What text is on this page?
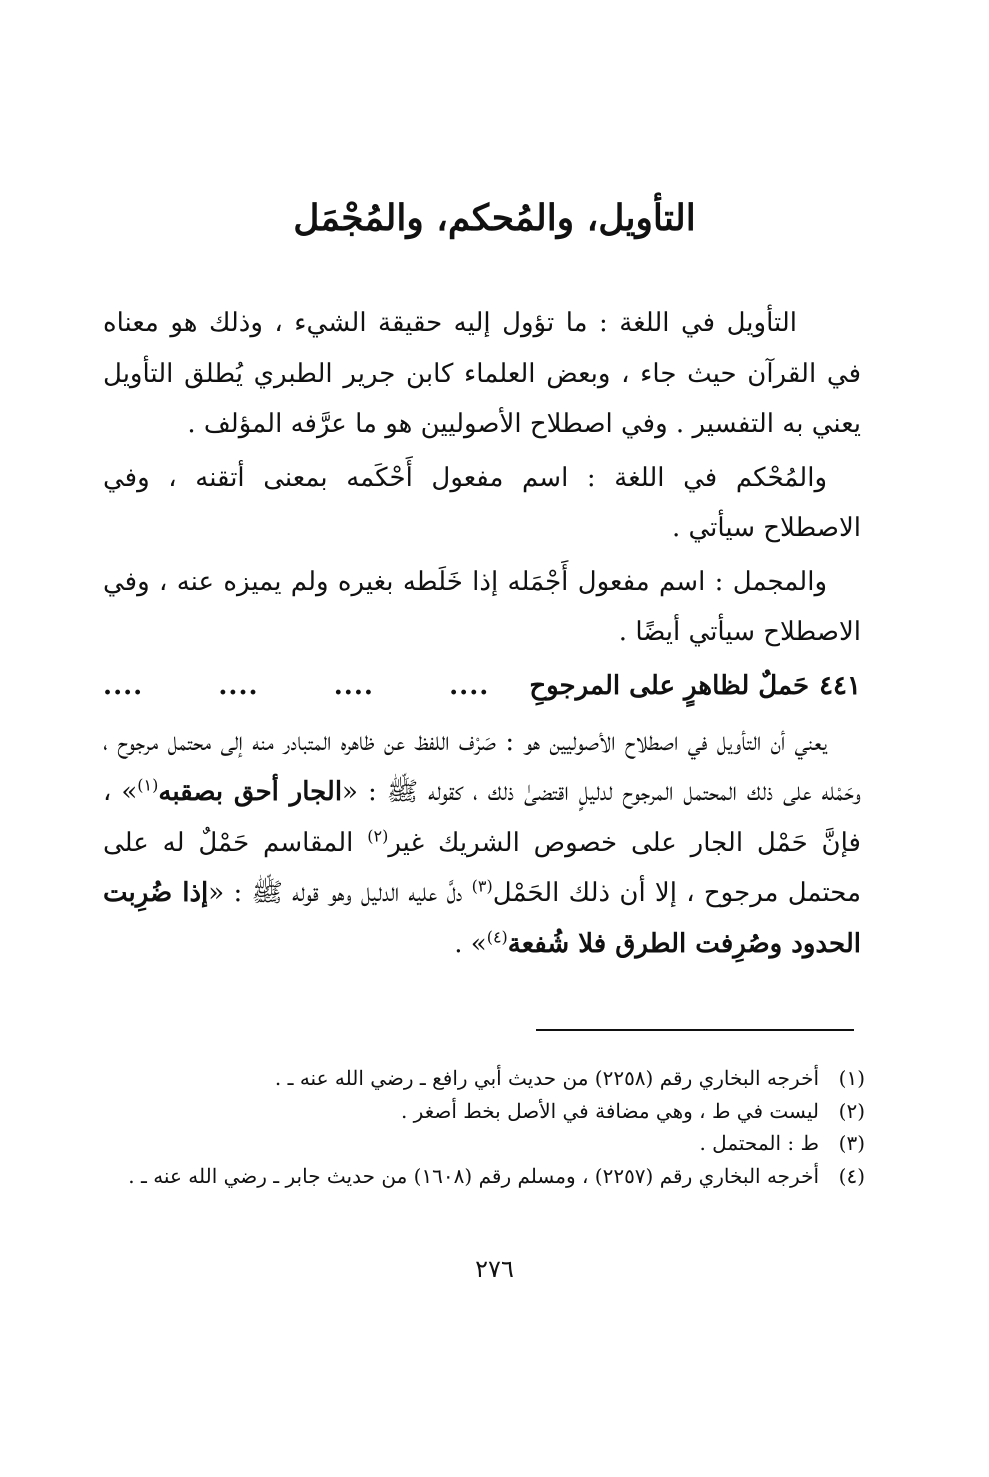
التأويل، والمُحكم، والمُجْمَل

التأويل في اللغة : ما تؤول إليه حقيقة الشيء ، وذلك هو معناه في القرآن حيث جاء ، وبعض العلماء كابن جرير الطبري يُطلق التأويل يعني به التفسير . وفي اصطلاح الأصوليين هو ما عرَّفه المؤلف .

والمُحْكم في اللغة : اسم مفعول أَحْكَمه بمعنى أتقنه ، وفي الاصطلاح سيأتي .

والمجمل : اسم مفعول أَجْمَله إذا خَلَطه بغيره ولم يميزه عنه ، وفي الاصطلاح سيأتي أيضًا .

٤٤١
حَملٌ لظاهرٍ على المرجوحِ
....
....
....
....

يعني أن التأويل في اصطلاح الأصوليين هو : صَرْف اللفظ عن ظاهره المتبادر منه إلى محتمل مرجوح ، وحَمْله على ذلك المحتمل المرجوح لدليلٍ اقتضىٰ ذلك ، كقوله ﷺ : «الجار أحق بصقبه$^{(١)}$» ، فإنَّ حَمْل الجار على خصوص الشريك غير$^{(٢)}$ المقاسم حَمْلٌ له على محتمل مرجوح ، إلا أن ذلك الحَمْل$^{(٣)}$ دلَّ عليه الدليل وهو قوله ﷺ : «إذا ضُرِبت الحدود وصُرِفت الطرق فلا شُفعة$^{(٤)}$» .

(١)
أخرجه البخاري رقم (٢٢٥٨) من حديث أبي رافع ـ رضي الله عنه ـ .
(٢)
ليست في ط ، وهي مضافة في الأصل بخط أصغر .
(٣)
ط : المحتمل .
(٤)
أخرجه البخاري رقم (٢٢٥٧) ، ومسلم رقم (١٦٠٨) من حديث جابر ـ رضي الله عنه ـ .
٢٧٦
